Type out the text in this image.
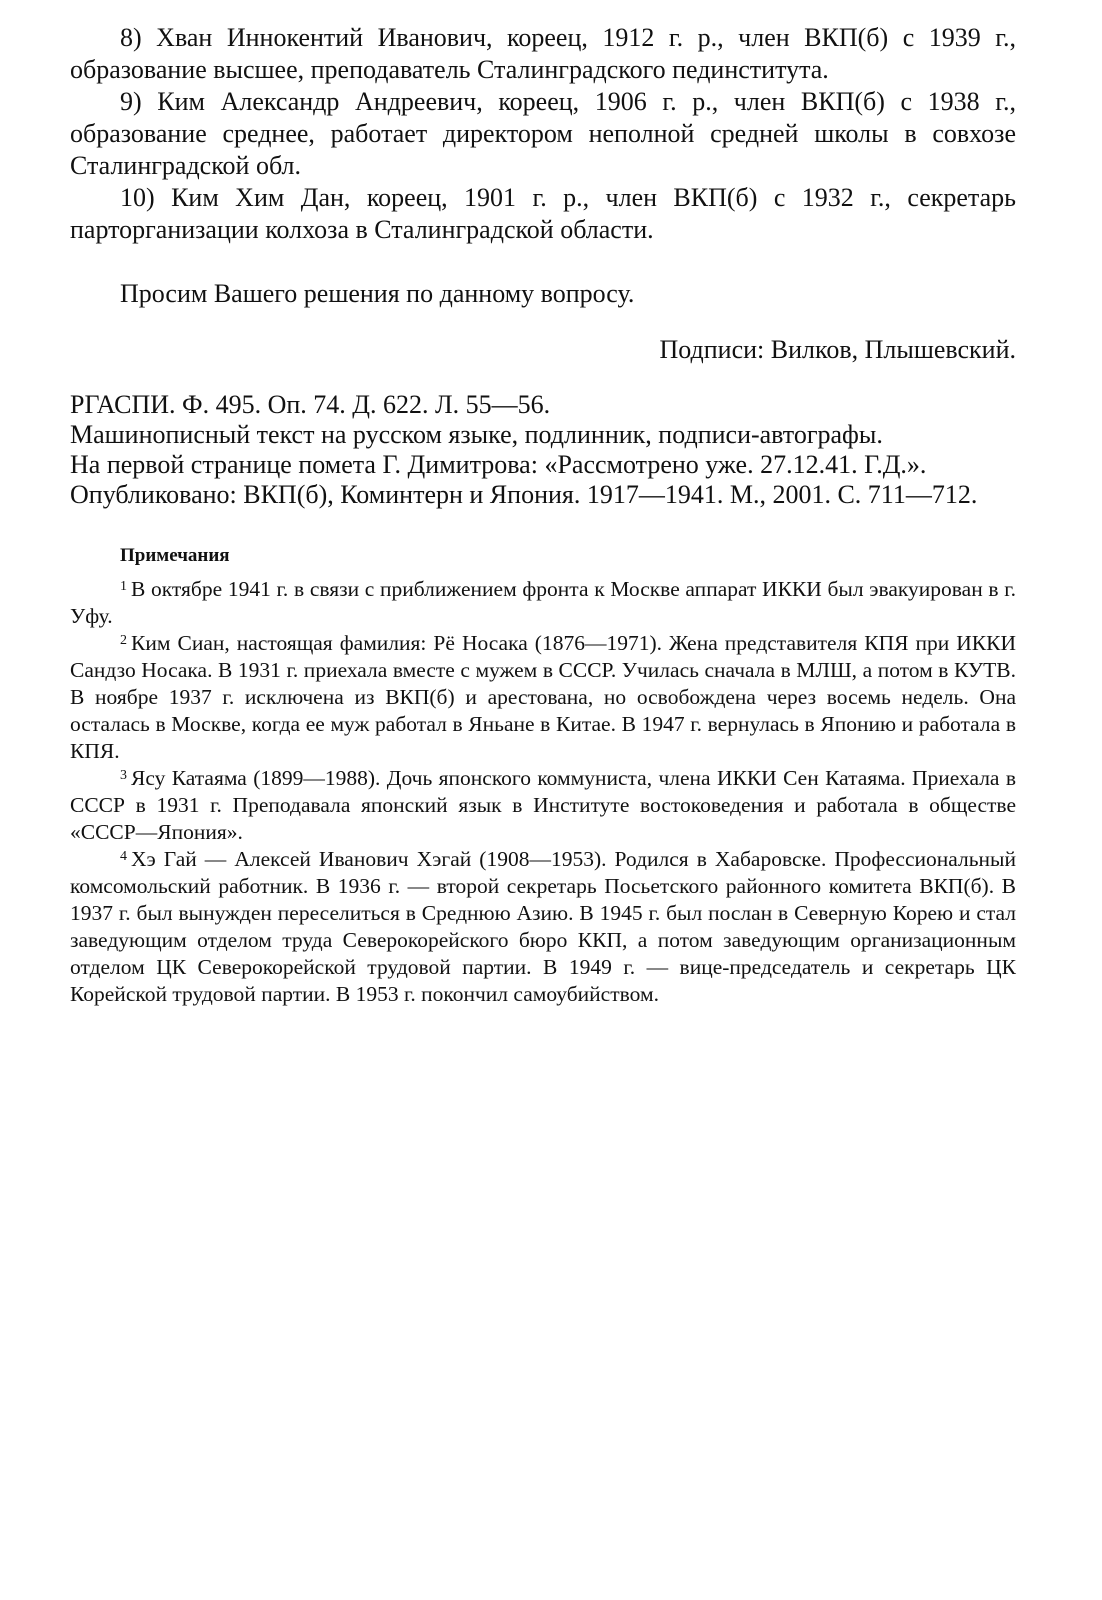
8) Хван Иннокентий Иванович, кореец, 1912 г. р., член ВКП(б) с 1939 г., образование высшее, преподаватель Сталинградского пединститута.

9) Ким Александр Андреевич, кореец, 1906 г. р., член ВКП(б) с 1938 г., образование среднее, работает директором неполной средней школы в совхозе Сталинградской обл.

10) Ким Хим Дан, кореец, 1901 г. р., член ВКП(б) с 1932 г., секретарь парторганизации колхоза в Сталинградской области.

Просим Вашего решения по данному вопросу.

Подписи: Вилков, Плышевский.

РГАСПИ. Ф. 495. Оп. 74. Д. 622. Л. 55—56.

Машинописный текст на русском языке, подлинник, подписи-автографы.

На первой странице помета Г. Димитрова: «Рассмотрено уже. 27.12.41. Г.Д.».

Опубликовано: ВКП(б), Коминтерн и Япония. 1917—1941. М., 2001. С. 711—712.

Примечания

$^1$ В октябре 1941 г. в связи с приближением фронта к Москве аппарат ИККИ был эвакуирован в г. Уфу.

$^2$ Ким Сиан, настоящая фамилия: Рё Носака (1876—1971). Жена представителя КПЯ при ИККИ Сандзо Носака. В 1931 г. приехала вместе с мужем в СССР. Училась сначала в МЛШ, а потом в КУТВ. В ноябре 1937 г. исключена из ВКП(б) и арестована, но освобождена через восемь недель. Она осталась в Москве, когда ее муж работал в Яньане в Китае. В 1947 г. вернулась в Японию и работала в КПЯ.

$^3$ Ясу Катаяма (1899—1988). Дочь японского коммуниста, члена ИККИ Сен Катаяма. Приехала в СССР в 1931 г. Преподавала японский язык в Институте востоковедения и работала в обществе «СССР—Япония».

$^4$ Хэ Гай — Алексей Иванович Хэгай (1908—1953). Родился в Хабаровске. Профессиональный комсомольский работник. В 1936 г. — второй секретарь Посьетского районного комитета ВКП(б). В 1937 г. был вынужден переселиться в Среднюю Азию. В 1945 г. был послан в Северную Корею и стал заведующим отделом труда Северокорейского бюро ККП, а потом заведующим организационным отделом ЦК Северокорейской трудовой партии. В 1949 г. — вице-председатель и секретарь ЦК Корейской трудовой партии. В 1953 г. покончил самоубийством.
